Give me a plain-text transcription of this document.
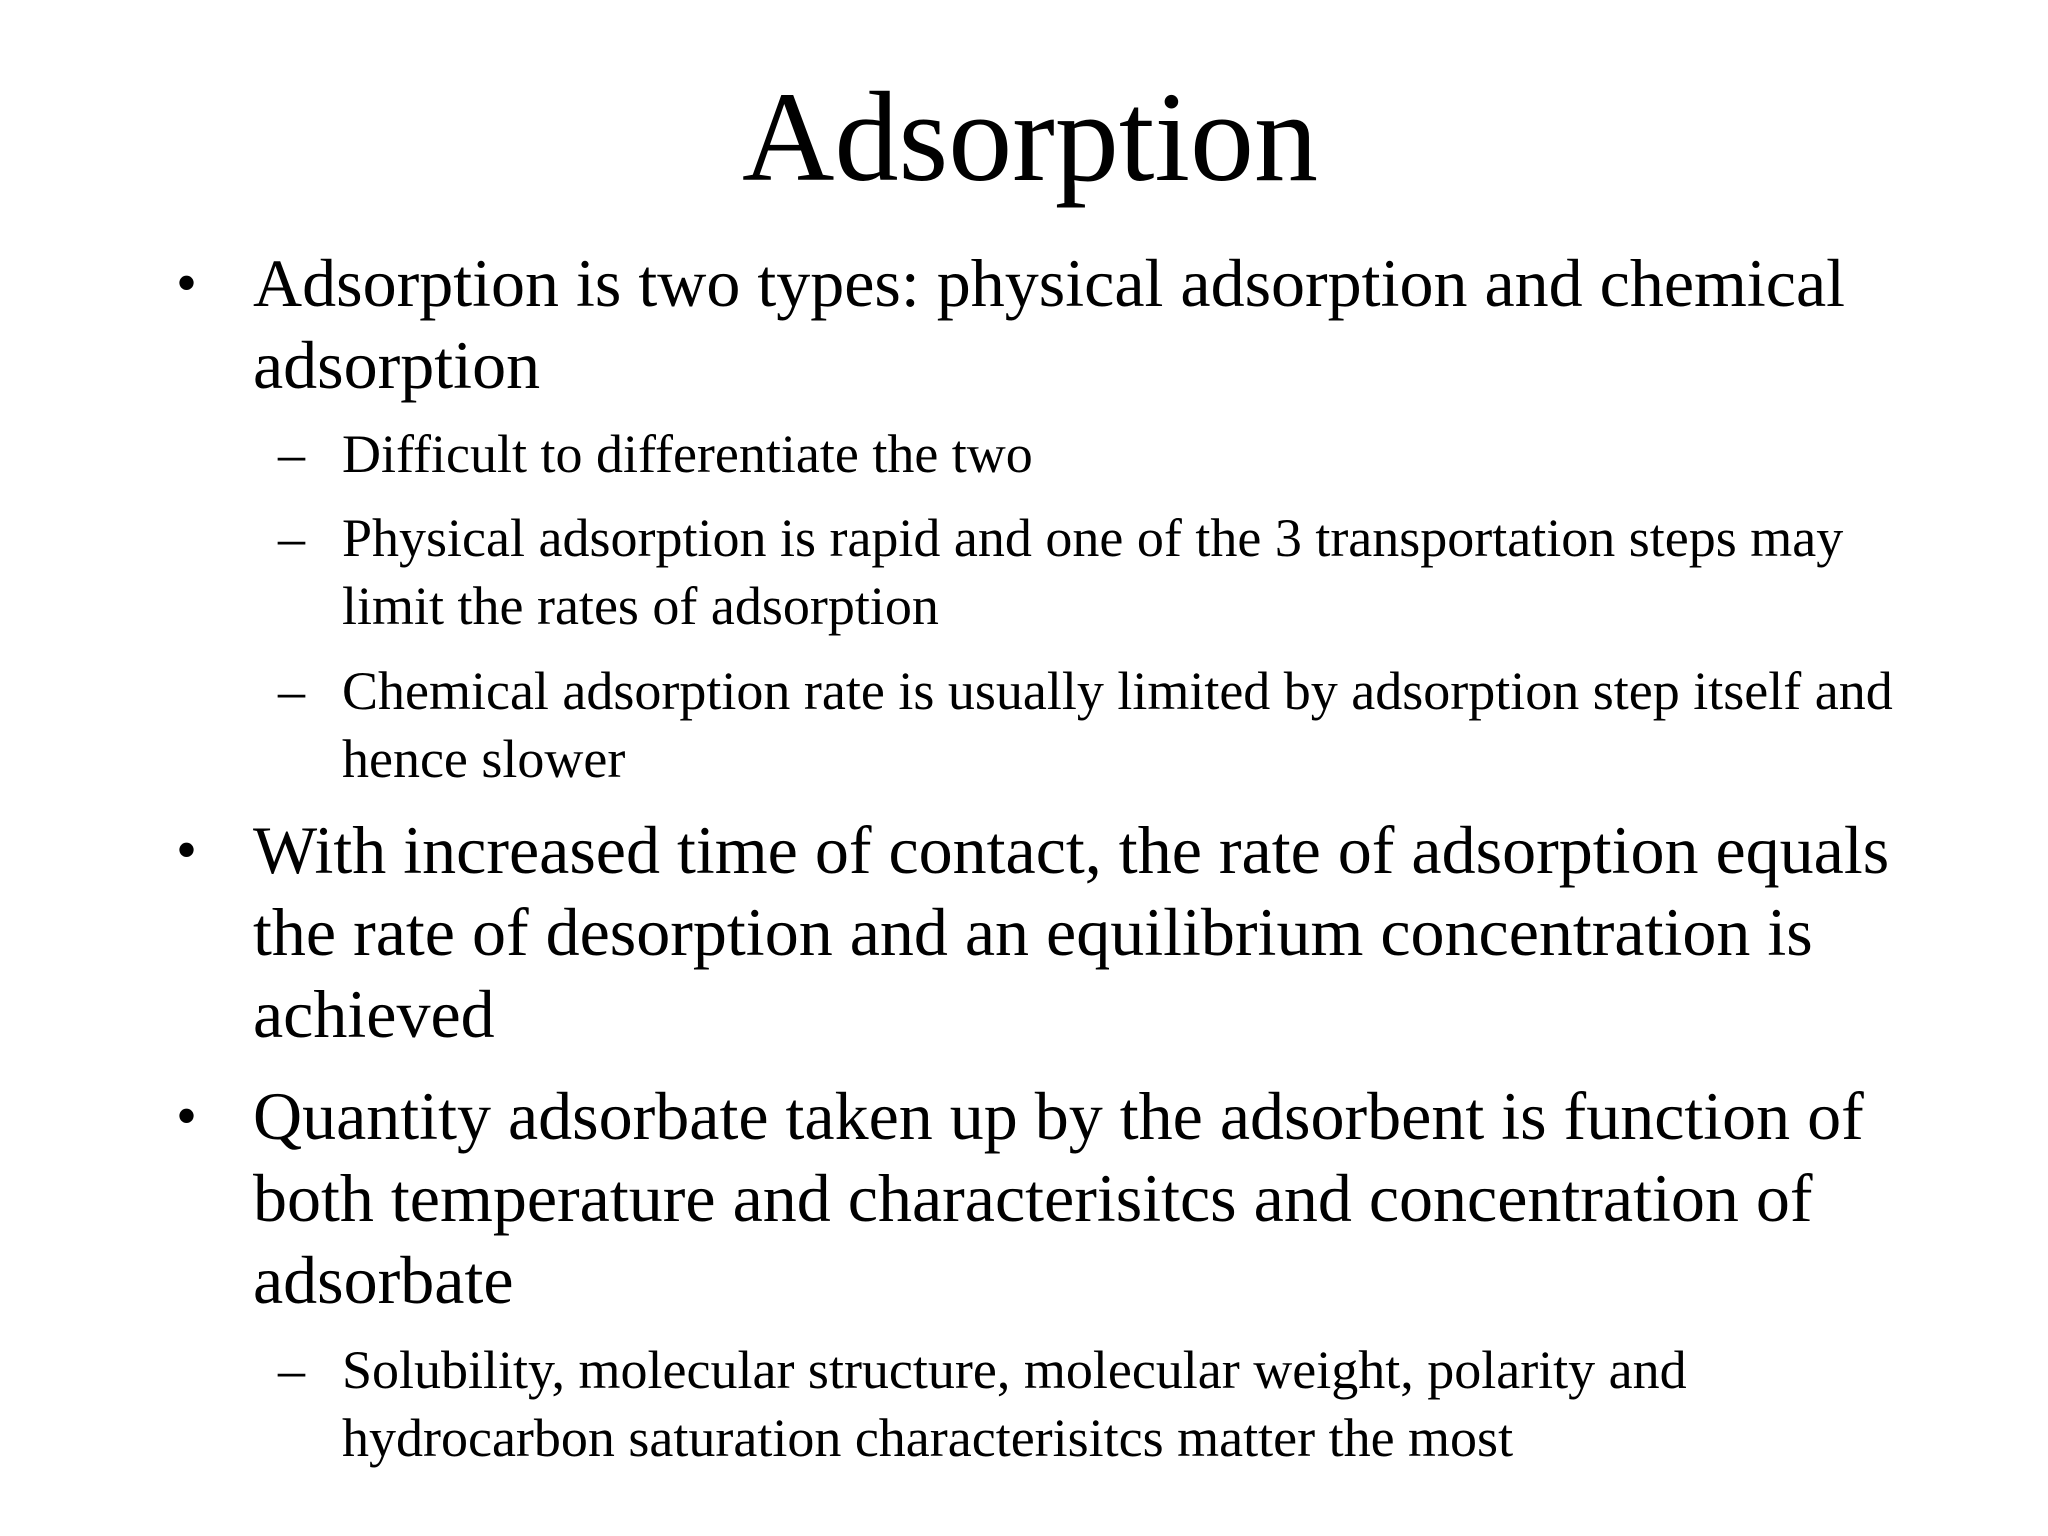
Adsorption
• Adsorption is two types: physical adsorption and chemical adsorption
– Difficult to differentiate the two
– Physical adsorption is rapid and one of the 3 transportation steps may limit the rates of adsorption
– Chemical adsorption rate is usually limited by adsorption step itself and hence slower
• With increased time of contact, the rate of adsorption equals the rate of desorption and an equilibrium concentration is achieved
• Quantity adsorbate taken up by the adsorbent is function of both temperature and characterisitcs and concentration of adsorbate
– Solubility, molecular structure, molecular weight, polarity and hydrocarbon saturation characterisitcs matter the most
